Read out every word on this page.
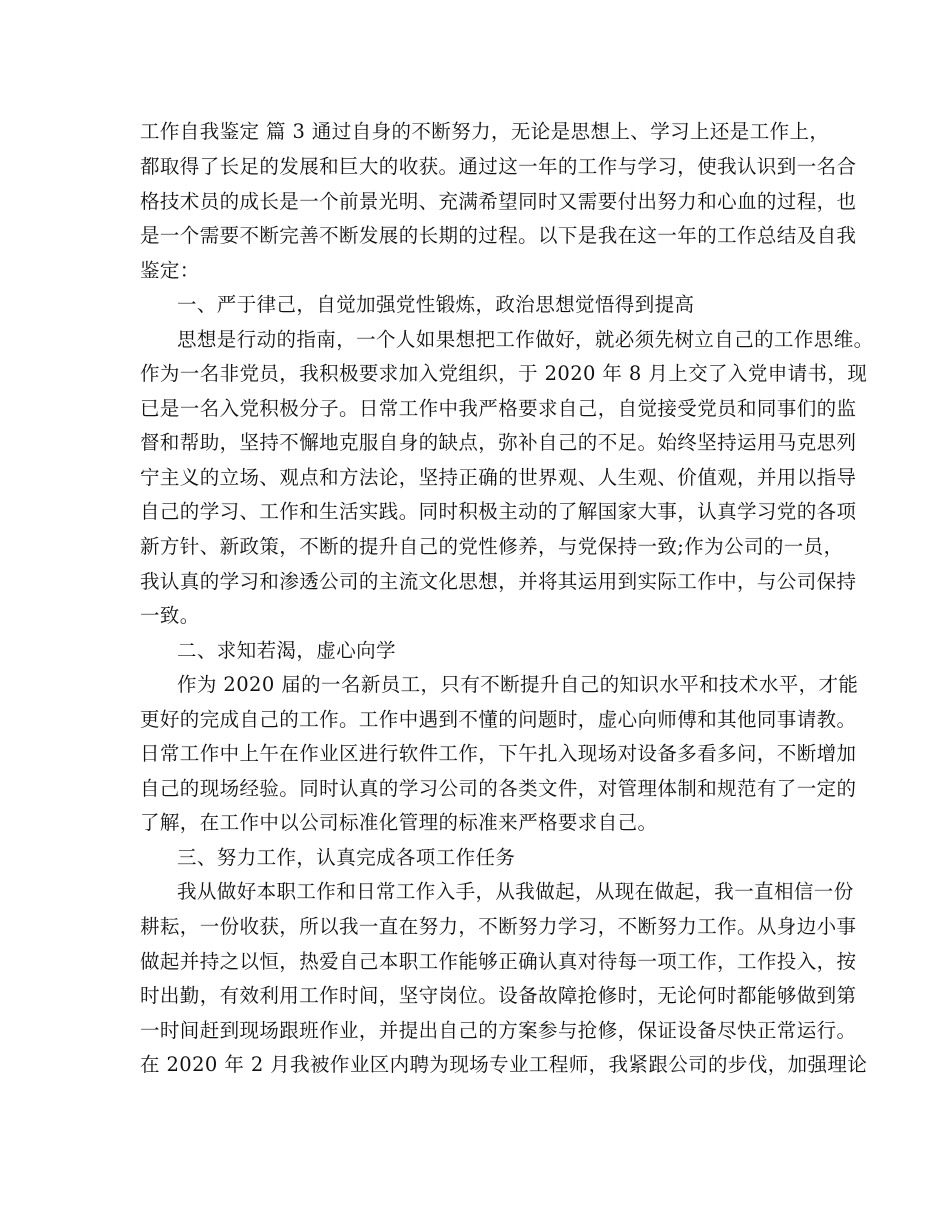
工作自我鉴定 篇 3 通过自身的不断努力，无论是思想上、学习上还是工作上，
都取得了长足的发展和巨大的收获。通过这一年的工作与学习，使我认识到一名合
格技术员的成长是一个前景光明、充满希望同时又需要付出努力和心血的过程，也
是一个需要不断完善不断发展的长期的过程。以下是我在这一年的工作总结及自我
鉴定：
一、严于律己，自觉加强党性锻炼，政治思想觉悟得到提高
思想是行动的指南，一个人如果想把工作做好，就必须先树立自己的工作思维。
作为一名非党员，我积极要求加入党组织，于 2020 年 8 月上交了入党申请书，现
已是一名入党积极分子。日常工作中我严格要求自己，自觉接受党员和同事们的监
督和帮助，坚持不懈地克服自身的缺点，弥补自己的不足。始终坚持运用马克思列
宁主义的立场、观点和方法论，坚持正确的世界观、人生观、价值观，并用以指导
自己的学习、工作和生活实践。同时积极主动的了解国家大事，认真学习党的各项
新方针、新政策，不断的提升自己的党性修养，与党保持一致;作为公司的一员，
我认真的学习和渗透公司的主流文化思想，并将其运用到实际工作中，与公司保持
一致。
二、求知若渴，虚心向学
作为 2020 届的一名新员工，只有不断提升自己的知识水平和技术水平，才能
更好的完成自己的工作。工作中遇到不懂的问题时，虚心向师傅和其他同事请教。
日常工作中上午在作业区进行软件工作，下午扎入现场对设备多看多问，不断增加
自己的现场经验。同时认真的学习公司的各类文件，对管理体制和规范有了一定的
了解，在工作中以公司标准化管理的标准来严格要求自己。
三、努力工作，认真完成各项工作任务
我从做好本职工作和日常工作入手，从我做起，从现在做起，我一直相信一份
耕耘，一份收获，所以我一直在努力，不断努力学习，不断努力工作。从身边小事
做起并持之以恒，热爱自己本职工作能够正确认真对待每一项工作，工作投入，按
时出勤，有效利用工作时间，坚守岗位。设备故障抢修时，无论何时都能够做到第
一时间赶到现场跟班作业，并提出自己的方案参与抢修，保证设备尽快正常运行。
在 2020 年 2 月我被作业区内聘为现场专业工程师，我紧跟公司的步伐，加强理论
